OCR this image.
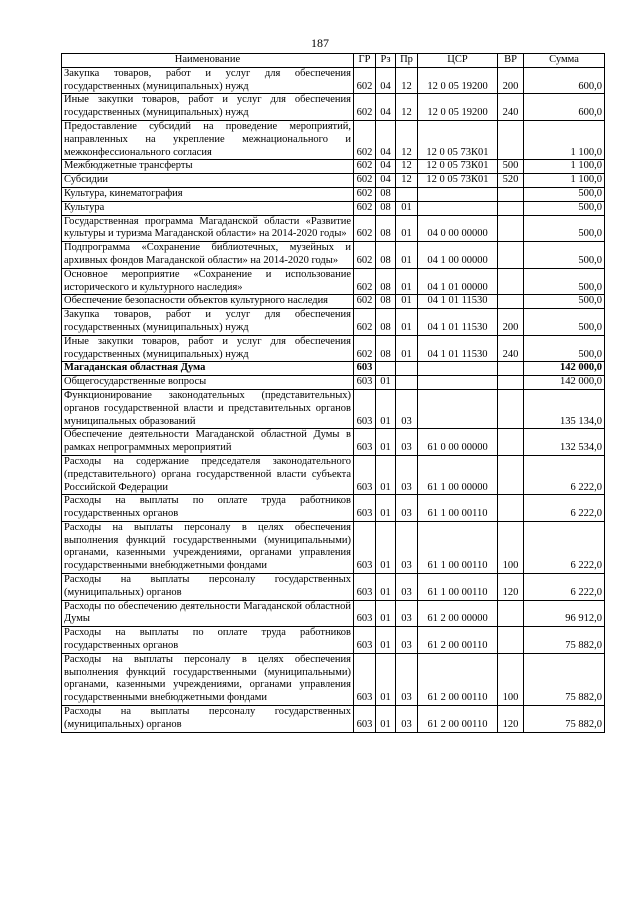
187
Наименование	ГР	Рз	Пр	ЦСР	ВР	Сумма
Закупка товаров, работ и услуг для обеспечения государственных (муниципальных) нужд	602	04	12	12 0 05 19200	200	600,0
Иные закупки товаров, работ и услуг для обеспечения государственных (муниципальных) нужд	602	04	12	12 0 05 19200	240	600,0
Предоставление субсидий на проведение мероприятий, направленных на укрепление межнационального и межконфессионального согласия	602	04	12	12 0 05 73К01		1 100,0
Межбюджетные трансферты	602	04	12	12 0 05 73К01	500	1 100,0
Субсидии	602	04	12	12 0 05 73К01	520	1 100,0
Культура, кинематография	602	08				500,0
Культура	602	08	01			500,0
Государственная программа Магаданской области «Развитие культуры и туризма Магаданской области» на 2014-2020 годы»	602	08	01	04 0 00 00000		500,0
Подпрограмма «Сохранение библиотечных, музейных и архивных фондов Магаданской области» на 2014-2020 годы»	602	08	01	04 1 00 00000		500,0
Основное мероприятие «Сохранение и использование исторического и культурного наследия»	602	08	01	04 1 01 00000		500,0
Обеспечение безопасности объектов культурного наследия	602	08	01	04 1 01 11530		500,0
Закупка товаров, работ и услуг для обеспечения государственных (муниципальных) нужд	602	08	01	04 1 01 11530	200	500,0
Иные закупки товаров, работ и услуг для обеспечения государственных (муниципальных) нужд	602	08	01	04 1 01 11530	240	500,0
Магаданская областная Дума	603					142 000,0
Общегосударственные вопросы	603	01				142 000,0
Функционирование законодательных (представительных) органов государственной власти и представительных органов муниципальных образований	603	01	03			135 134,0
Обеспечение деятельности Магаданской областной Думы в рамках непрограммных мероприятий	603	01	03	61 0 00 00000		132 534,0
Расходы на содержание председателя законодательного (представительного) органа государственной власти субъекта Российской Федерации	603	01	03	61 1 00 00000		6 222,0
Расходы на выплаты по оплате труда работников государственных органов	603	01	03	61 1 00 00110		6 222,0
Расходы на выплаты персоналу в целях обеспечения выполнения функций государственными (муниципальными) органами, казенными учреждениями, органами управления государственными внебюджетными фондами	603	01	03	61 1 00 00110	100	6 222,0
Расходы на выплаты персоналу государственных (муниципальных) органов	603	01	03	61 1 00 00110	120	6 222,0
Расходы по обеспечению деятельности Магаданской областной Думы	603	01	03	61 2 00 00000		96 912,0
Расходы на выплаты по оплате труда работников государственных органов	603	01	03	61 2 00 00110		75 882,0
Расходы на выплаты персоналу в целях обеспечения выполнения функций государственными (муниципальными) органами, казенными учреждениями, органами управления государственными внебюджетными фондами	603	01	03	61 2 00 00110	100	75 882,0
Расходы на выплаты персоналу государственных (муниципальных) органов	603	01	03	61 2 00 00110	120	75 882,0
